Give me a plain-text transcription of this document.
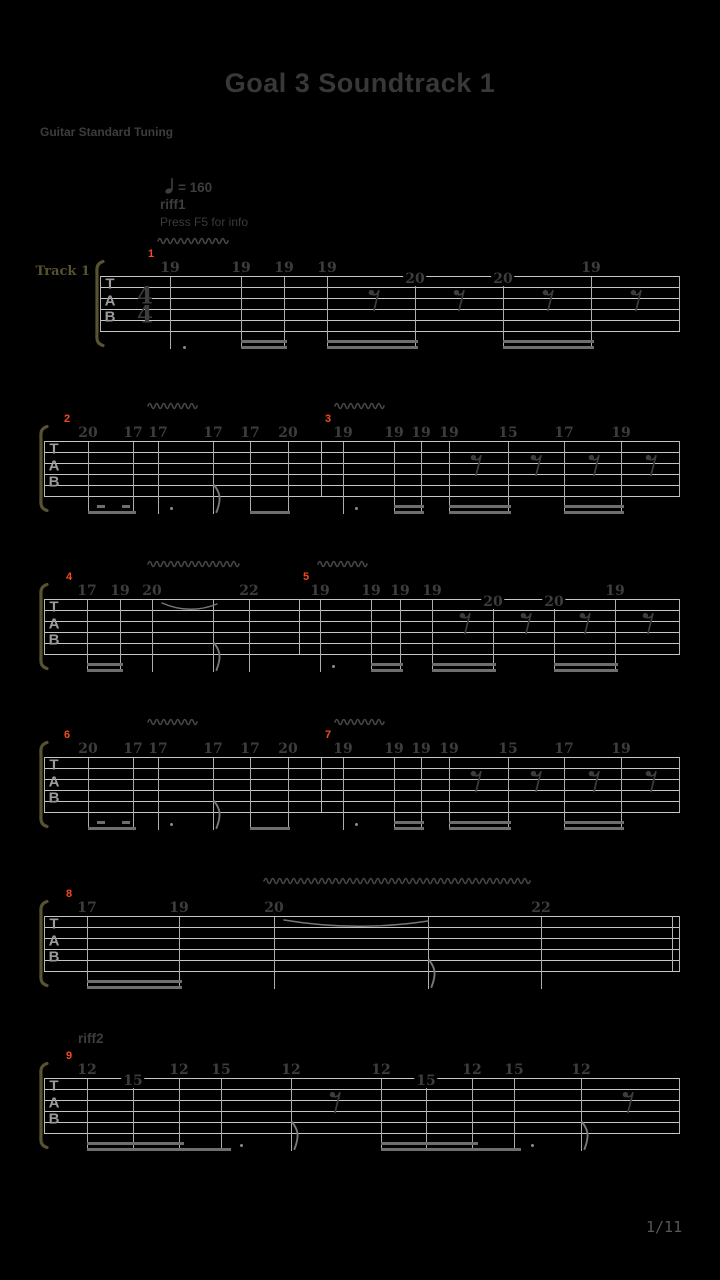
Goal 3 Soundtrack 1
Guitar Standard Tuning
= 160
riff1
Press F5 for info
T
A
B
4
4
Track 1	19	19 19 19
20	20
19
1
T
A
B
20 17 17	17 17 20	19 19 19 19	15	17	19
2	3
T
A
B
17 19 20	22	19 19 19 19
20	20
19
4	5
T
A
B
20 17 17	17 17 20	19 19 19 19	15	17	19
6	7
T
A
B
17	19	20	22
8
T
A
B
riff2
12
15
12 15	12	12
15
12 15	12
9
1/11
